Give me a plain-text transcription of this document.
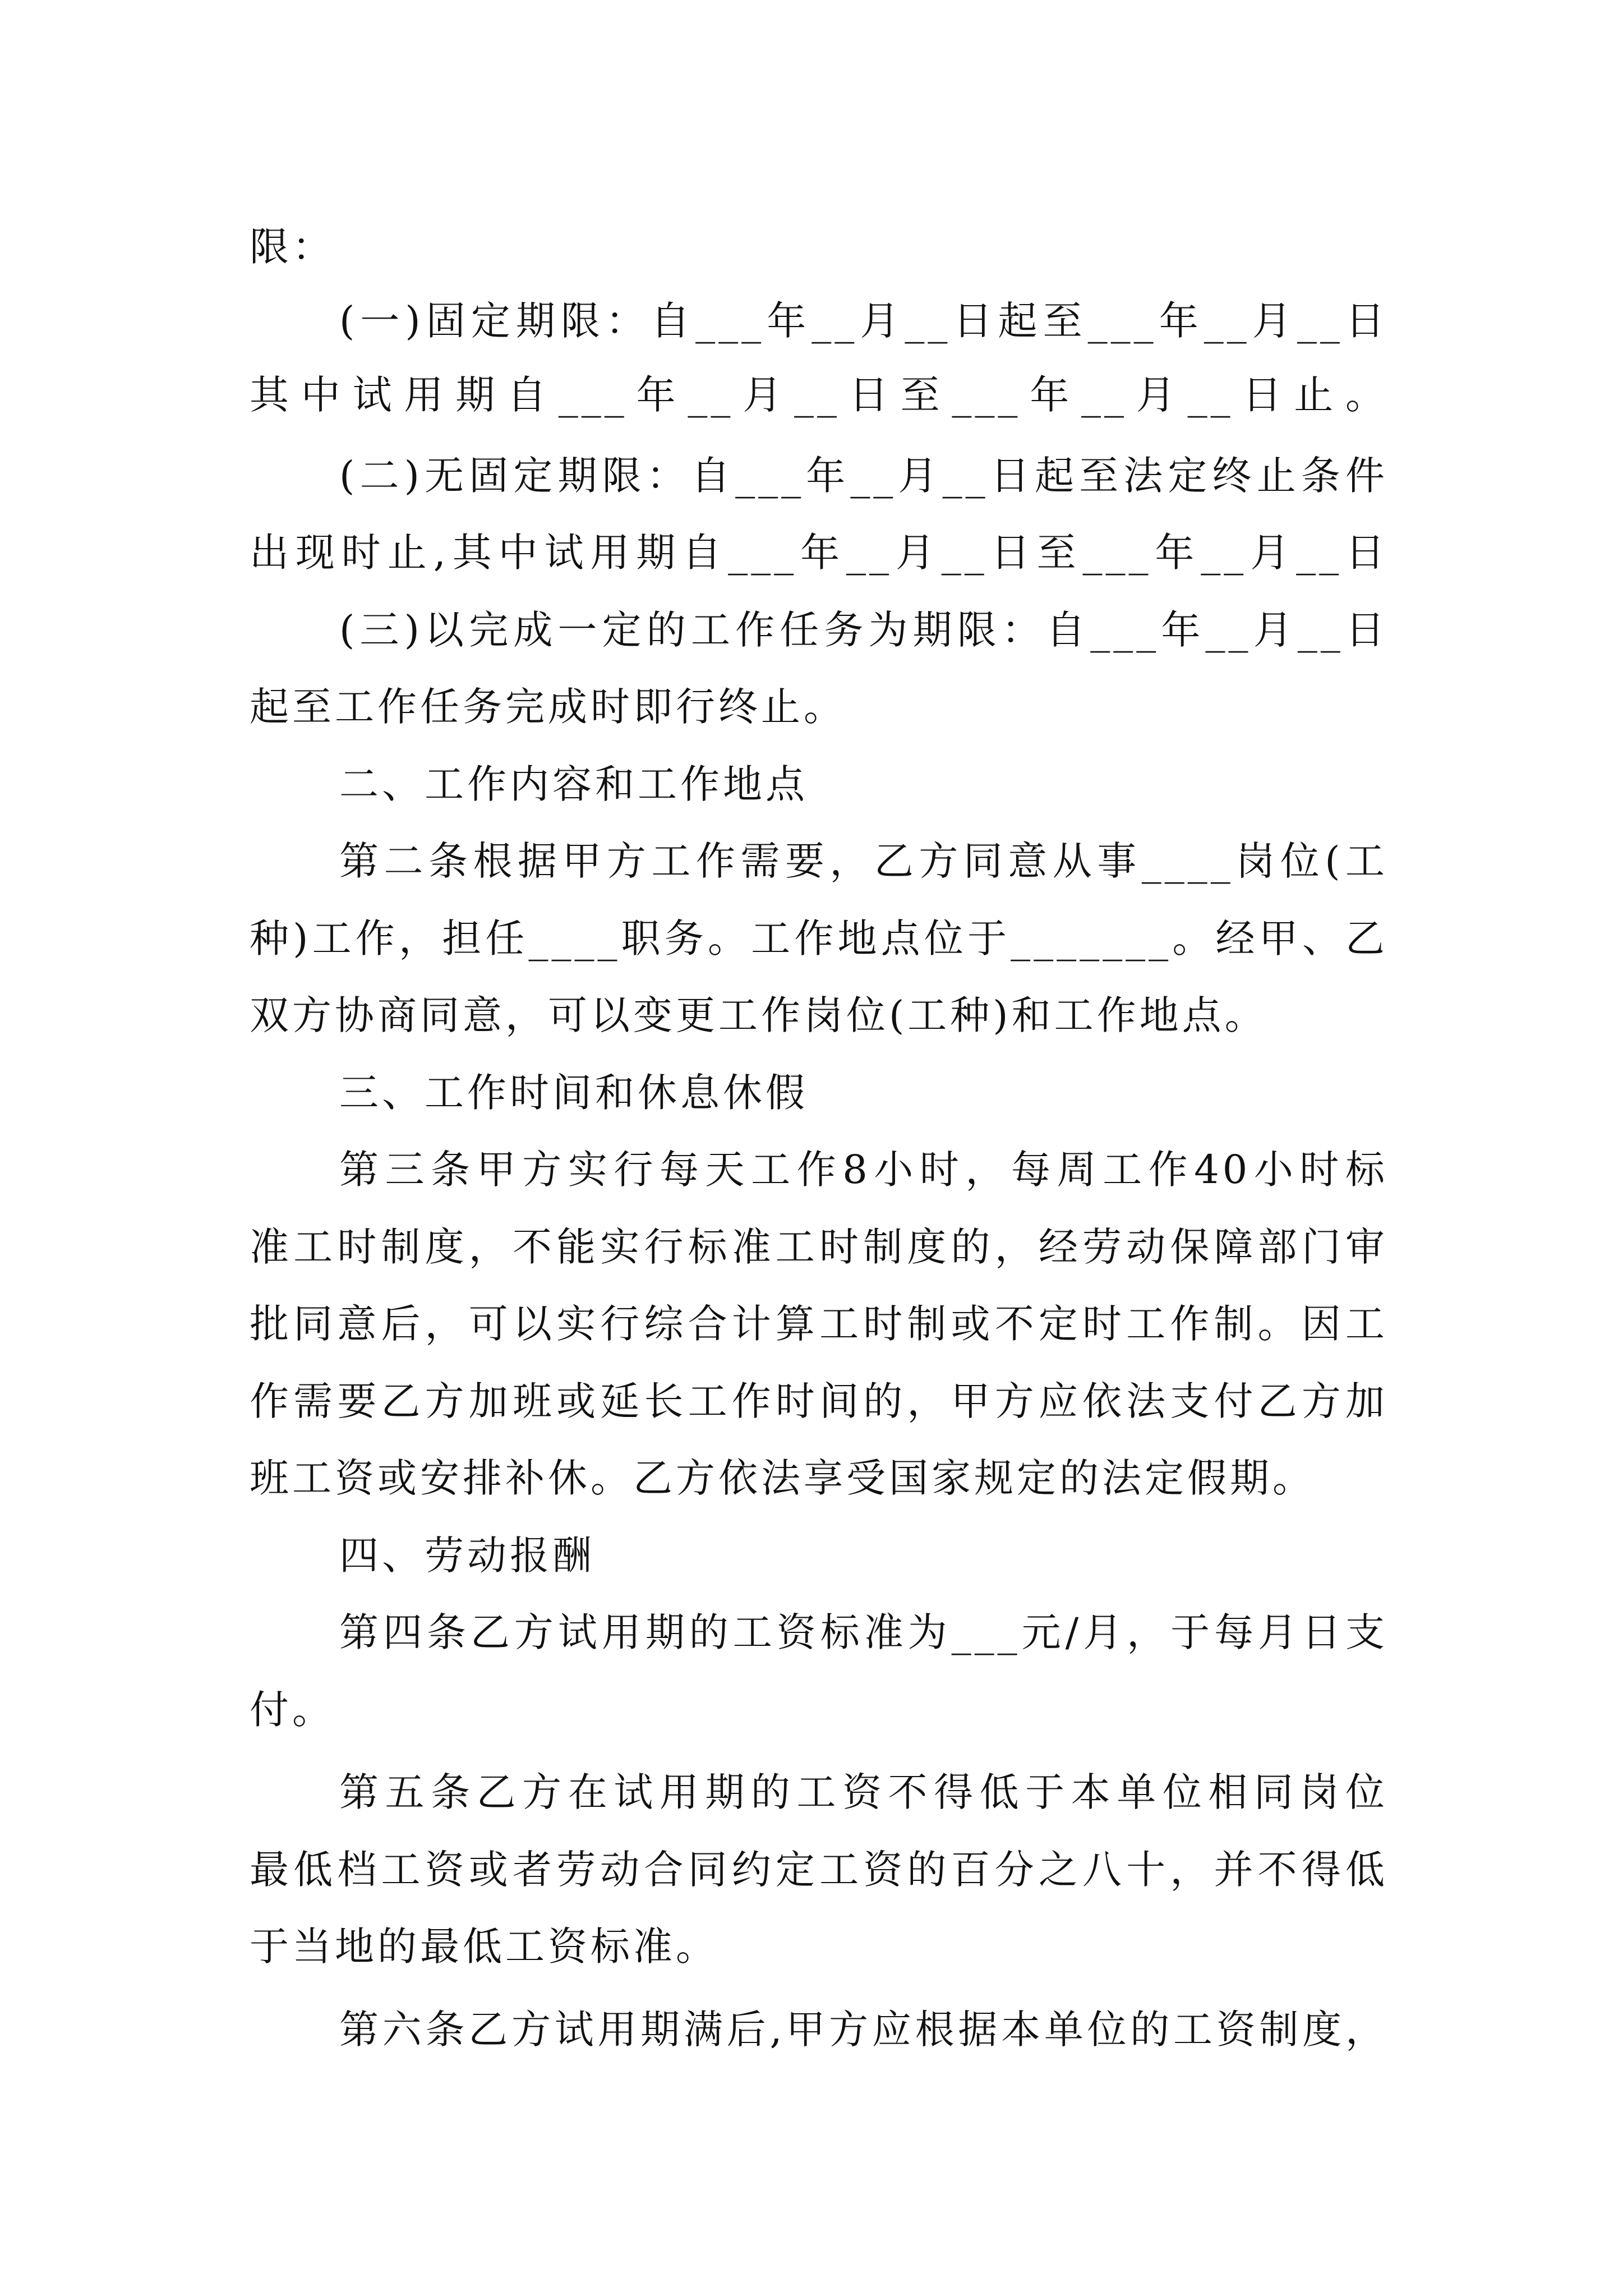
限：
(一)固定期限：自___年__月__日起至___年__月__日
其中试用期自___年__月__日至___年__月__日止。
(二)无固定期限：自___年__月__日起至法定终止条件
出现时止,其中试用期自___年__月__日至___年__月__日
(三)以完成一定的工作任务为期限：自___年__月__日
起至工作任务完成时即行终止。
二、工作内容和工作地点
第二条根据甲方工作需要，乙方同意从事____岗位(工
种)工作，担任____职务。工作地点位于_______。经甲、乙
双方协商同意，可以变更工作岗位(工种)和工作地点。
三、工作时间和休息休假
第三条甲方实行每天工作8小时，每周工作40小时标
准工时制度，不能实行标准工时制度的，经劳动保障部门审
批同意后，可以实行综合计算工时制或不定时工作制。因工
作需要乙方加班或延长工作时间的，甲方应依法支付乙方加
班工资或安排补休。乙方依法享受国家规定的法定假期。
四、劳动报酬
第四条乙方试用期的工资标准为___元/月，于每月日支
付。
第五条乙方在试用期的工资不得低于本单位相同岗位
最低档工资或者劳动合同约定工资的百分之八十，并不得低
于当地的最低工资标准。
第六条乙方试用期满后,甲方应根据本单位的工资制度，
